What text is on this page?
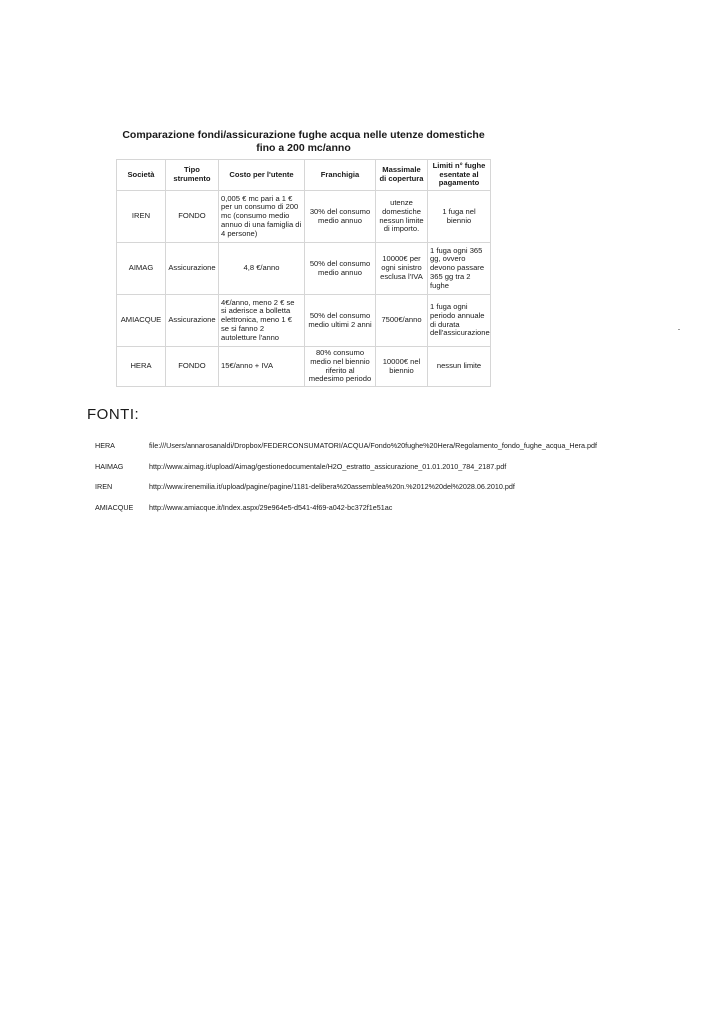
Comparazione fondi/assicurazione fughe acqua nelle utenze domestiche
fino a 200 mc/anno					

Società	Tipo strumento	Costo per l'utente	Franchigia	Massimale di copertura	Limiti n° fughe esentate al pagamento
IREN	FONDO	0,005 € mc pari a 1 € per un consumo di 200 mc (consumo medio annuo di una famiglia di 4 persone)	30% del consumo medio annuo	utenze domestiche nessun limite di importo.	1 fuga nel biennio
AIMAG	Assicurazione	4,8 €/anno	50% del consumo medio annuo	10000€ per ogni sinistro esclusa l'IVA	1 fuga ogni 365 gg, ovvero devono passare 365 gg tra 2 fughe
AMIACQUE	Assicurazione	4€/anno, meno 2 € se si aderisce a bolletta elettronica, meno 1 € se si fanno 2 autoletture l'anno	50% del consumo medio ultimi 2 anni	7500€/anno	1 fuga ogni periodo annuale di durata dell'assicurazione
HERA	FONDO	15€/anno + IVA	80% consumo medio nel biennio riferito al medesimo periodo	10000€ nel biennio	nessun limite
FONTI:
HERA	file:///Users/annarosanaldi/Dropbox/FEDERCONSUMATORI/ACQUA/Fondo%20fughe%20Hera/Regolamento_fondo_fughe_acqua_Hera.pdf
HAIMAG	http://www.aimag.it/upload/Aimag/gestionedocumentale/H2O_estratto_assicurazione_01.01.2010_784_2187.pdf
IREN	http://www.irenemilia.it/upload/pagine/pagine/1181-delibera%20assemblea%20n.%2012%20del%2028.06.2010.pdf
AMIACQUE http://www.amiacque.it/Index.aspx/29e964e5-d541-4f69-a042-bc372f1e51ac
